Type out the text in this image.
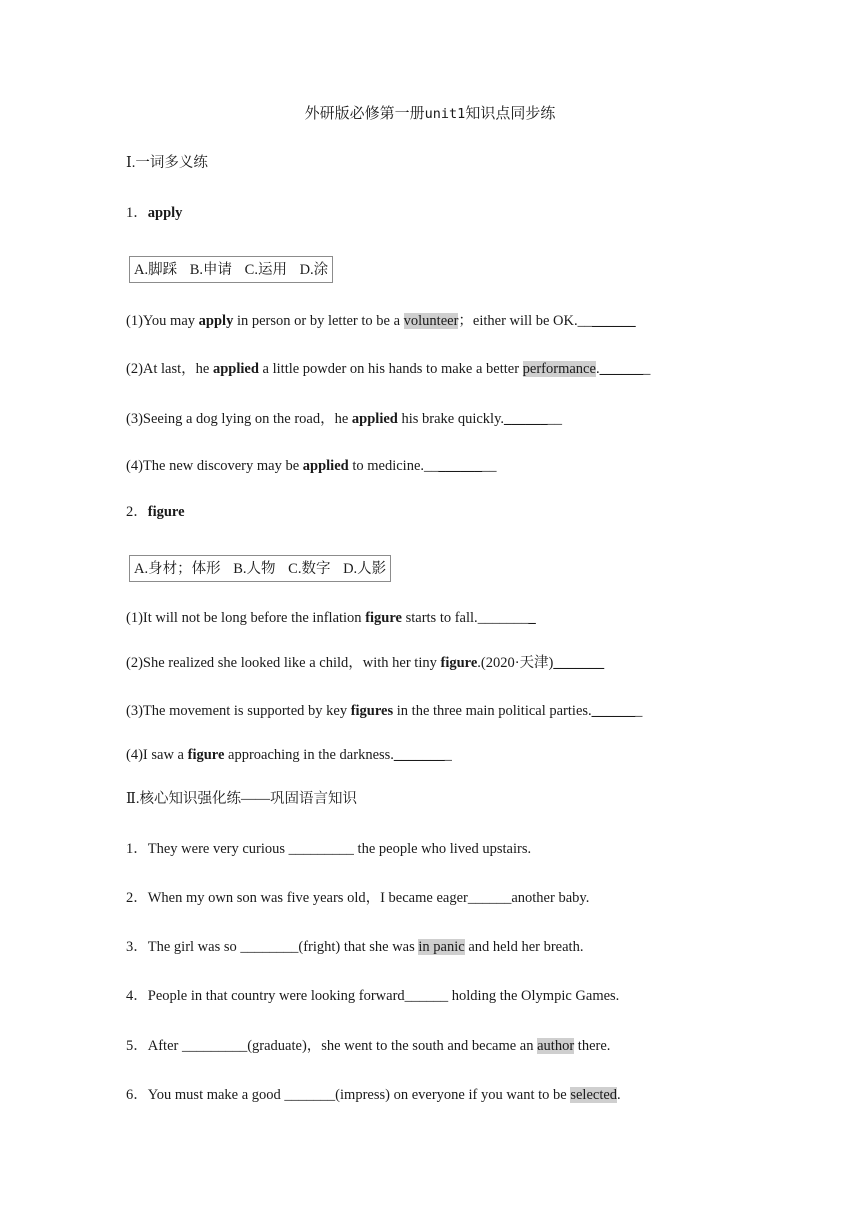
外研版必修第一册unit1知识点同步练
Ⅰ.一词多义练
1．apply
A.脚踩 B.申请 C.运用 D.涂
(1)You may apply in person or by letter to be a volunteer；either will be OK.________
(2)At last，he applied a little powder on his hands to make a better performance._______
(3)Seeing a dog lying on the road，he applied his brake quickly.________
(4)The new discovery may be applied to medicine.__________
2．figure
A.身材；体形 B.人物 C.数字 D.人影
(1)It will not be long before the inflation figure starts to fall.________
(2)She realized she looked like a child，with her tiny figure.(2020·天津)_______
(3)The movement is supported by key figures in the three main political parties._______
(4)I saw a figure approaching in the darkness.________
Ⅱ.核心知识强化练——巩固语言知识
1．They were very curious _________ the people who lived upstairs.
2．When my own son was five years old，I became eager______another baby.
3．The girl was so ________(fright) that she was in panic and held her breath.
4．People in that country were looking forward______ holding the Olympic Games.
5．After _________(graduate)，she went to the south and became an author there.
6．You must make a good _______(impress) on everyone if you want to be selected.
